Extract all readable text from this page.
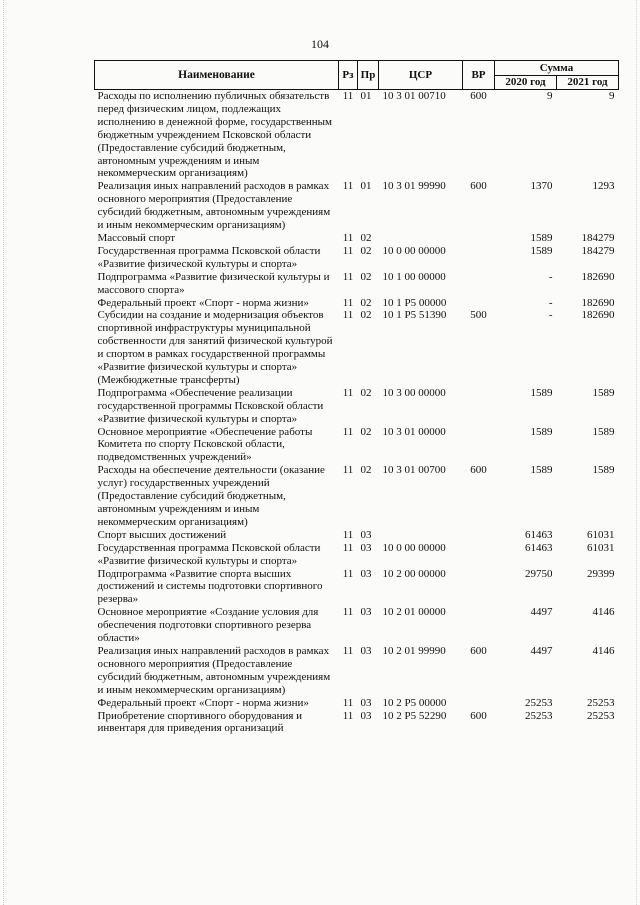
104
Наименование	Рз	Пр	ЦСР	ВР	Сумма	
					2020 год	2021 год
Расходы по исполнению публичных обязательств перед физическим лицом, подлежащих исполнению в денежной форме, государственным бюджетным учреждением Псковской области (Предоставление субсидий бюджетным, автономным учреждениям и иным некоммерческим организациям)	11	01	10 3 01 00710	600	9	9
Реализация иных направлений расходов в рамках основного мероприятия (Предоставление субсидий бюджетным, автономным учреждениям и иным некоммерческим организациям)	11	01	10 3 01 99990	600	1370	1293
Массовый спорт	11	02			1589	184279
Государственная программа Псковской области «Развитие физической культуры и спорта»	11	02	10 0 00 00000		1589	184279
Подпрограмма «Развитие физической культуры и массового спорта»	11	02	10 1 00 00000		-	182690
Федеральный проект «Спорт - норма жизни»	11	02	10 1 P5 00000		-	182690
Субсидии на создание и модернизация объектов спортивной инфраструктуры муниципальной собственности для занятий физической культурой и спортом в рамках государственной программы «Развитие физической культуры и спорта» (Межбюджетные трансферты)	11	02	10 1 P5 51390	500	-	182690
Подпрограмма «Обеспечение реализации государственной программы Псковской области «Развитие физической культуры и спорта»	11	02	10 3 00 00000		1589	1589
Основное мероприятие «Обеспечение работы Комитета по спорту Псковской области, подведомственных учреждений»	11	02	10 3 01 00000		1589	1589
Расходы на обеспечение деятельности (оказание услуг) государственных учреждений (Предоставление субсидий бюджетным, автономным учреждениям и иным некоммерческим организациям)	11	02	10 3 01 00700	600	1589	1589
Спорт высших достижений	11	03			61463	61031
Государственная программа Псковской области «Развитие физической культуры и спорта»	11	03	10 0 00 00000		61463	61031
Подпрограмма «Развитие спорта высших достижений и системы подготовки спортивного резерва»	11	03	10 2 00 00000		29750	29399
Основное мероприятие «Создание условия для обеспечения подготовки спортивного резерва области»	11	03	10 2 01 00000		4497	4146
Реализация иных направлений расходов в рамках основного мероприятия (Предоставление субсидий бюджетным, автономным учреждениям и иным некоммерческим организациям)	11	03	10 2 01 99990	600	4497	4146
Федеральный проект «Спорт - норма жизни»	11	03	10 2 P5 00000		25253	25253
Приобретение спортивного оборудования и инвентаря для приведения организаций	11	03	10 2 P5 52290	600	25253	25253
